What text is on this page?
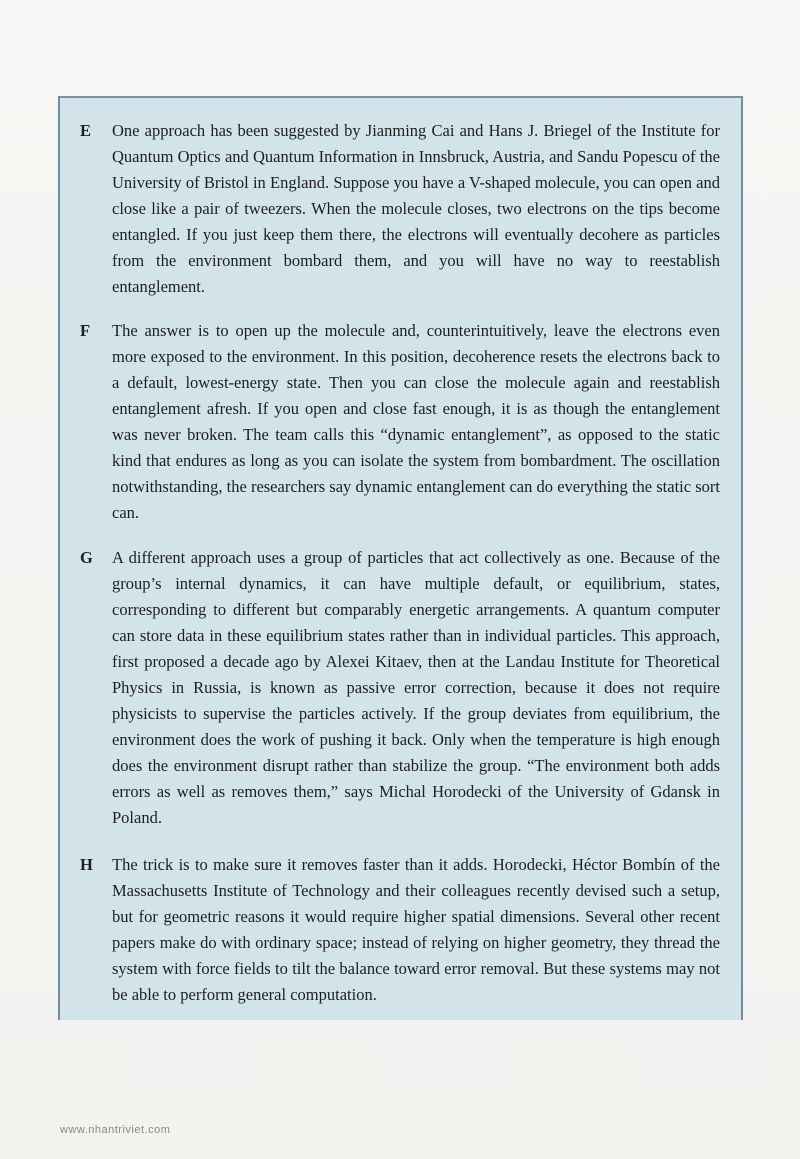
E One approach has been suggested by Jianming Cai and Hans J. Briegel of the Institute for Quantum Optics and Quantum Information in Innsbruck, Austria, and Sandu Popescu of the University of Bristol in England. Suppose you have a V-shaped molecule, you can open and close like a pair of tweezers. When the molecule closes, two electrons on the tips become entangled. If you just keep them there, the electrons will eventually decohere as particles from the environment bombard them, and you will have no way to reestablish entanglement.
F The answer is to open up the molecule and, counterintuitively, leave the electrons even more exposed to the environment. In this position, decoherence resets the electrons back to a default, lowest-energy state. Then you can close the molecule again and reestablish entanglement afresh. If you open and close fast enough, it is as though the entanglement was never broken. The team calls this “dynamic entanglement”, as opposed to the static kind that endures as long as you can isolate the system from bombardment. The oscillation notwithstanding, the researchers say dynamic entanglement can do everything the static sort can.
G A different approach uses a group of particles that act collectively as one. Because of the group’s internal dynamics, it can have multiple default, or equilibrium, states, corresponding to different but comparably energetic arrangements. A quantum computer can store data in these equilibrium states rather than in individual particles. This approach, first proposed a decade ago by Alexei Kitaev, then at the Landau Institute for Theoretical Physics in Russia, is known as passive error correction, because it does not require physicists to supervise the particles actively. If the group deviates from equilibrium, the environment does the work of pushing it back. Only when the temperature is high enough does the environment disrupt rather than stabilize the group. “The environment both adds errors as well as removes them,” says Michal Horodecki of the University of Gdansk in Poland.
H The trick is to make sure it removes faster than it adds. Horodecki, Héctor Bombín of the Massachusetts Institute of Technology and their colleagues recently devised such a setup, but for geometric reasons it would require higher spatial dimensions. Several other recent papers make do with ordinary space; instead of relying on higher geometry, they thread the system with force fields to tilt the balance toward error removal. But these systems may not be able to perform general computation.
www.nhantriviet.com
